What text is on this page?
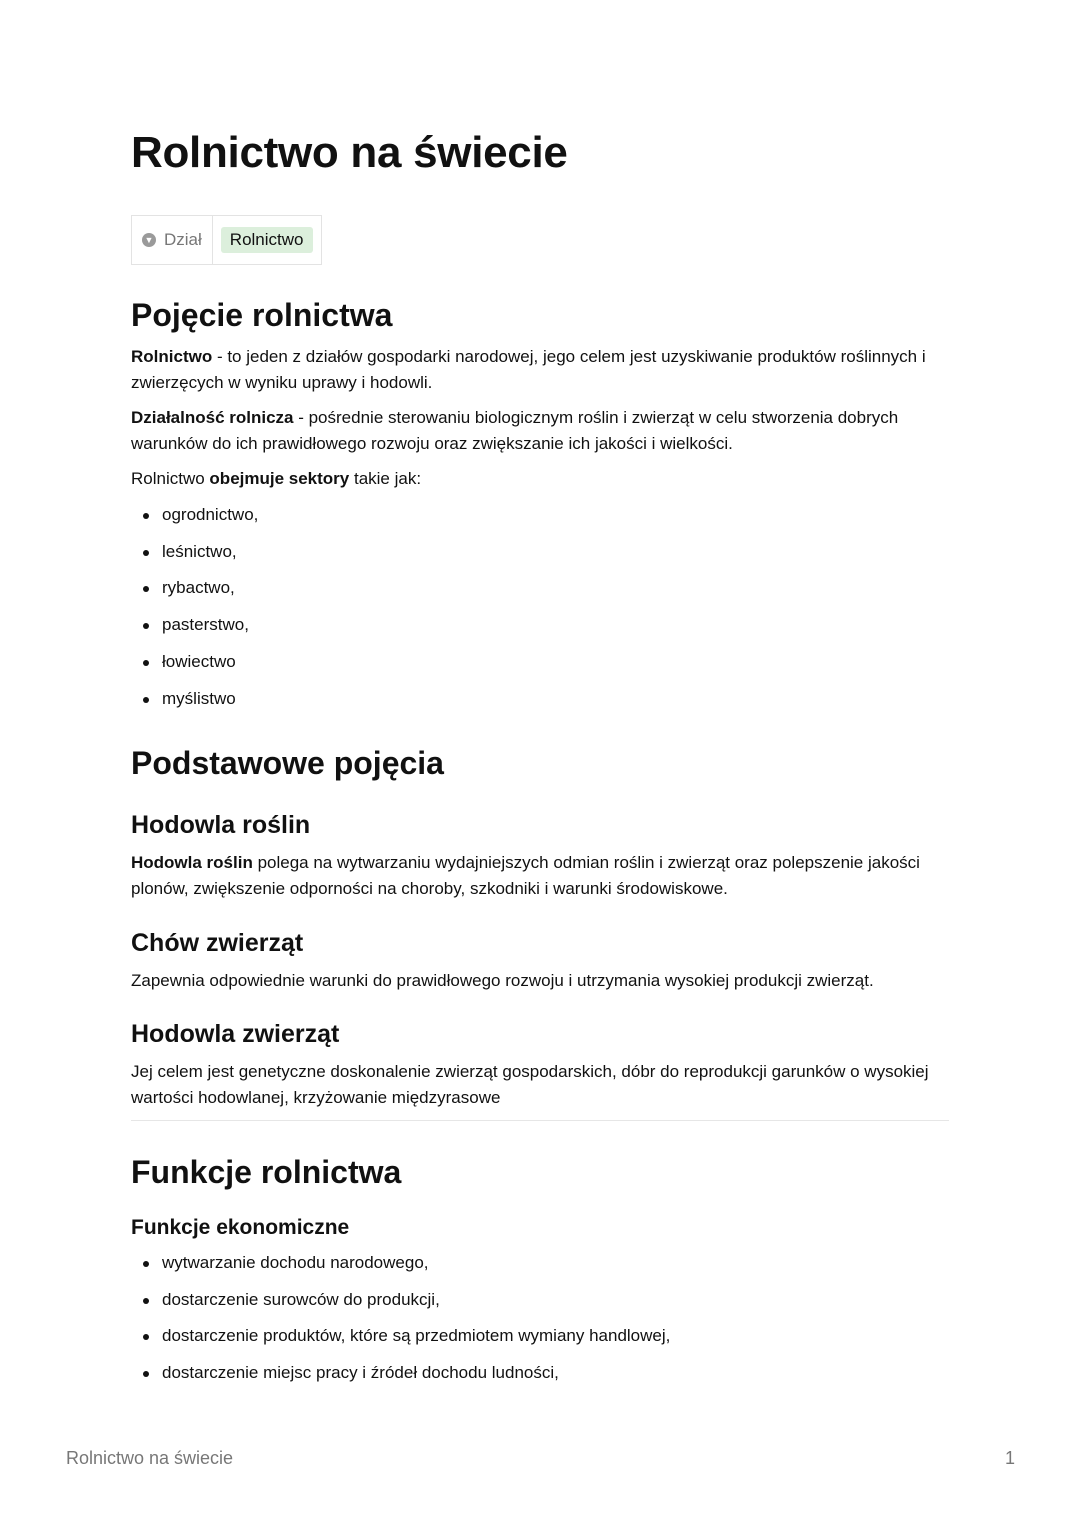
Rolnictwo na świecie
▼ Dział	Rolnictwo
Pojęcie rolnictwa

Rolnictwo - to jeden z działów gospodarki narodowej, jego celem jest uzyskiwanie produktów roślinnych i zwierzęcych w wyniku uprawy i hodowli.

Działalność rolnicza - pośrednie sterowaniu biologicznym roślin i zwierząt w celu stworzenia dobrych warunków do ich prawidłowego rozwoju oraz zwiększanie ich jakości i wielkości.

Rolnictwo obejmuje sektory takie jak:

ogrodnictwo,
leśnictwo,
rybactwo,
pasterstwo,
łowiectwo
myślistwo
Podstawowe pojęcia
Hodowla roślin

Hodowla roślin polega na wytwarzaniu wydajniejszych odmian roślin i zwierząt oraz polepszenie jakości plonów, zwiększenie odporności na choroby, szkodniki i warunki środowiskowe.

Chów zwierząt

Zapewnia odpowiednie warunki do prawidłowego rozwoju i utrzymania wysokiej produkcji zwierząt.

Hodowla zwierząt

Jej celem jest genetyczne doskonalenie zwierząt gospodarskich, dóbr do reprodukcji garunków o wysokiej wartości hodowlanej, krzyżowanie międzyrasowe

Funkcje rolnictwa
Funkcje ekonomiczne
wytwarzanie dochodu narodowego,
dostarczenie surowców do produkcji,
dostarczenie produktów, które są przedmiotem wymiany handlowej,
dostarczenie miejsc pracy i źródeł dochodu ludności,
Rolnictwo na świecie	1
